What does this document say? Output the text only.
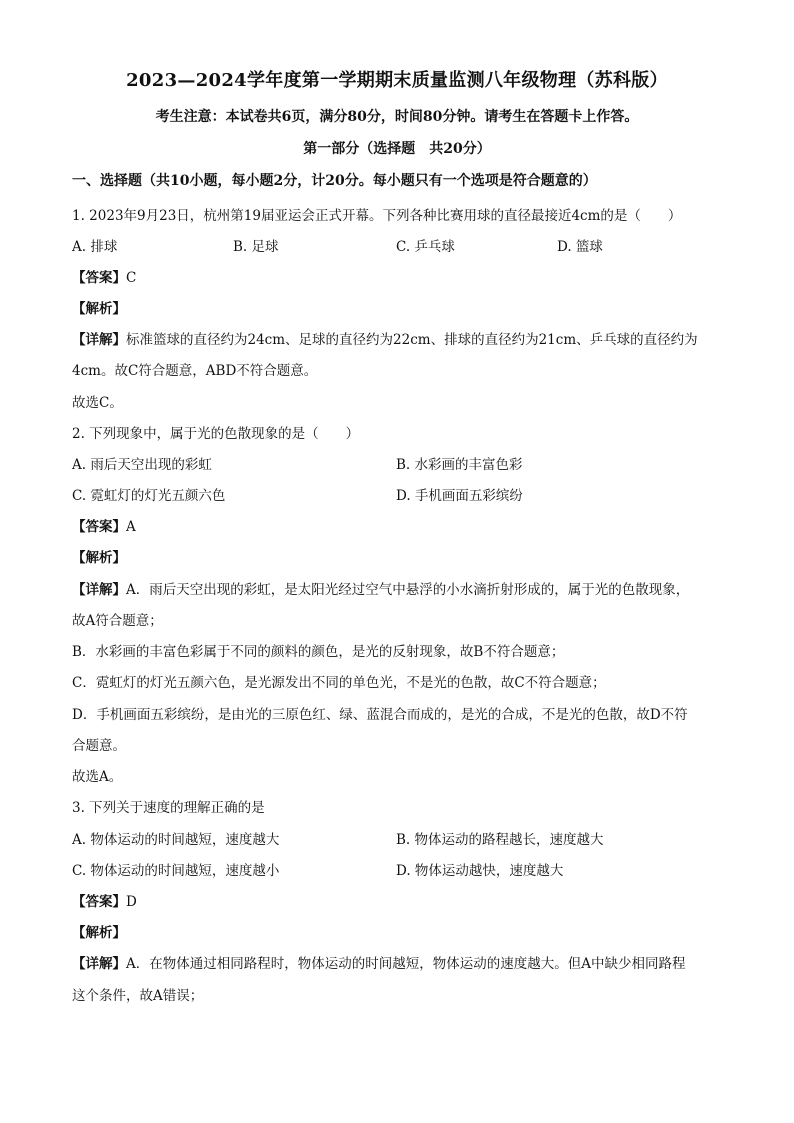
2023—2024学年度第一学期期末质量监测八年级物理（苏科版）
考生注意：本试卷共6页，满分80分，时间80分钟。请考生在答题卡上作答。
第一部分（选择题　共20分）
一、选择题（共10小题，每小题2分，计20分。每小题只有一个选项是符合题意的）
1. 2023年9月23日，杭州第19届亚运会正式开幕。下列各种比赛用球的直径最接近4cm的是（　　）
A. 排球	B. 足球	C. 乒乓球	D. 篮球
【答案】C
【解析】
【详解】标准篮球的直径约为24cm、足球的直径约为22cm、排球的直径约为21cm、乒乓球的直径约为
4cm。故C符合题意，ABD不符合题意。
故选C。
2. 下列现象中，属于光的色散现象的是（　　）
A. 雨后天空出现的彩虹	B. 水彩画的丰富色彩
C. 霓虹灯的灯光五颜六色	D. 手机画面五彩缤纷
【答案】A
【解析】
【详解】A．雨后天空出现的彩虹，是太阳光经过空气中悬浮的小水滴折射形成的，属于光的色散现象，
故A符合题意；
B．水彩画的丰富色彩属于不同的颜料的颜色，是光的反射现象，故B不符合题意；
C．霓虹灯的灯光五颜六色，是光源发出不同的单色光，不是光的色散，故C不符合题意；
D．手机画面五彩缤纷，是由光的三原色红、绿、蓝混合而成的，是光的合成，不是光的色散，故D不符
合题意。
故选A。
3. 下列关于速度的理解正确的是
A. 物体运动的时间越短，速度越大	B. 物体运动的路程越长，速度越大
C. 物体运动的时间越短，速度越小	D. 物体运动越快，速度越大
【答案】D
【解析】
【详解】A．在物体通过相同路程时，物体运动的时间越短，物体运动的速度越大。但A中缺少相同路程
这个条件，故A错误；
